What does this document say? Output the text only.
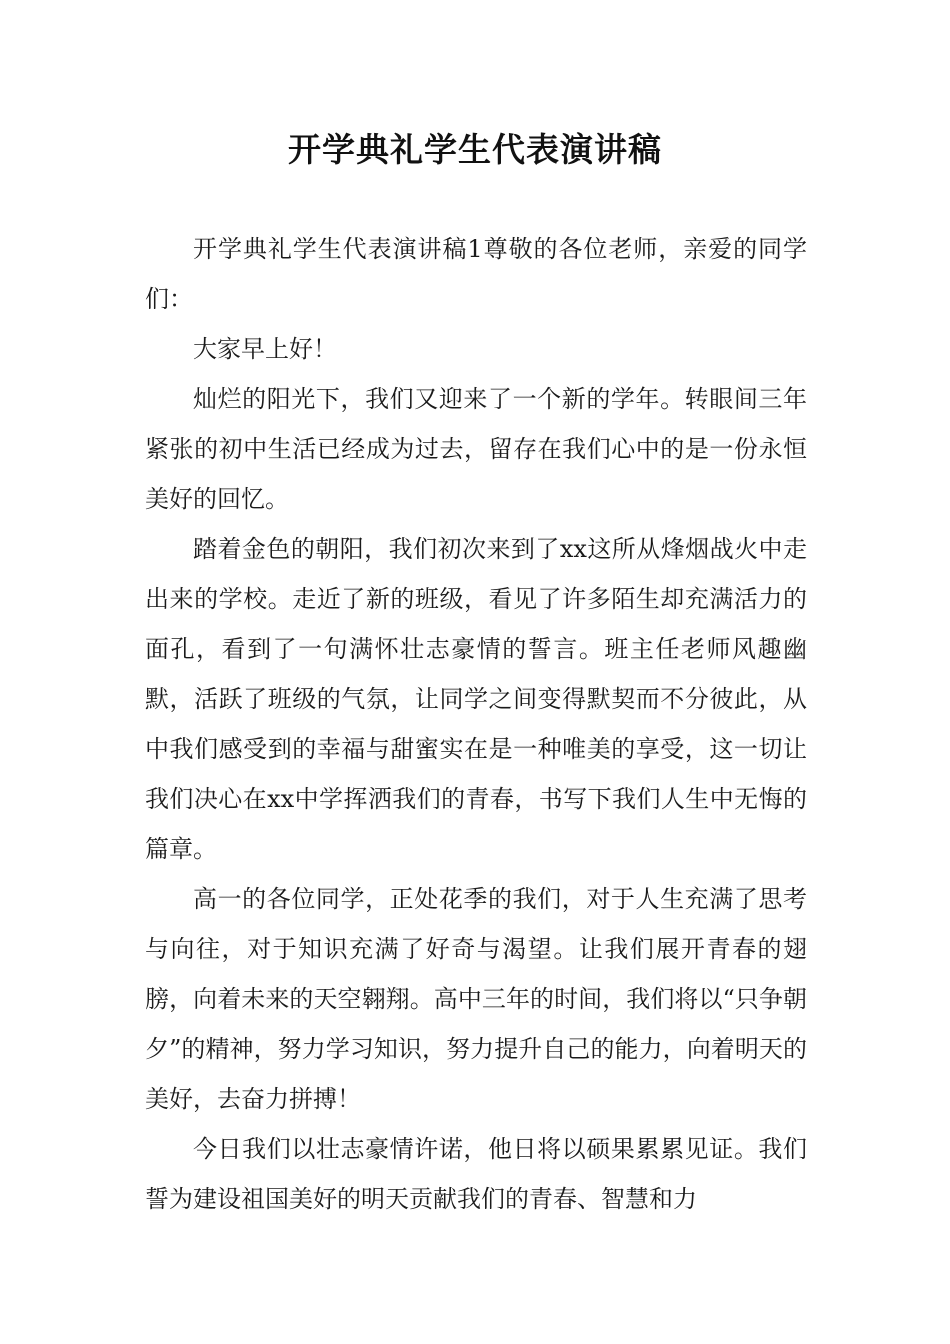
开学典礼学生代表演讲稿

开学典礼学生代表演讲稿1尊敬的各位老师，亲爱的同学们：

大家早上好！

灿烂的阳光下，我们又迎来了一个新的学年。转眼间三年紧张的初中生活已经成为过去，留存在我们心中的是一份永恒美好的回忆。

踏着金色的朝阳，我们初次来到了xx这所从烽烟战火中走出来的学校。走近了新的班级，看见了许多陌生却充满活力的面孔，看到了一句满怀壮志豪情的誓言。班主任老师风趣幽默，活跃了班级的气氛，让同学之间变得默契而不分彼此，从中我们感受到的幸福与甜蜜实在是一种唯美的享受，这一切让我们决心在xx中学挥洒我们的青春，书写下我们人生中无悔的篇章。

高一的各位同学，正处花季的我们，对于人生充满了思考与向往，对于知识充满了好奇与渴望。让我们展开青春的翅膀，向着未来的天空翱翔。高中三年的时间，我们将以“只争朝夕”的精神，努力学习知识，努力提升自己的能力，向着明天的美好，去奋力拼搏！

今日我们以壮志豪情许诺，他日将以硕果累累见证。我们誓为建设祖国美好的明天贡献我们的青春、智慧和力
